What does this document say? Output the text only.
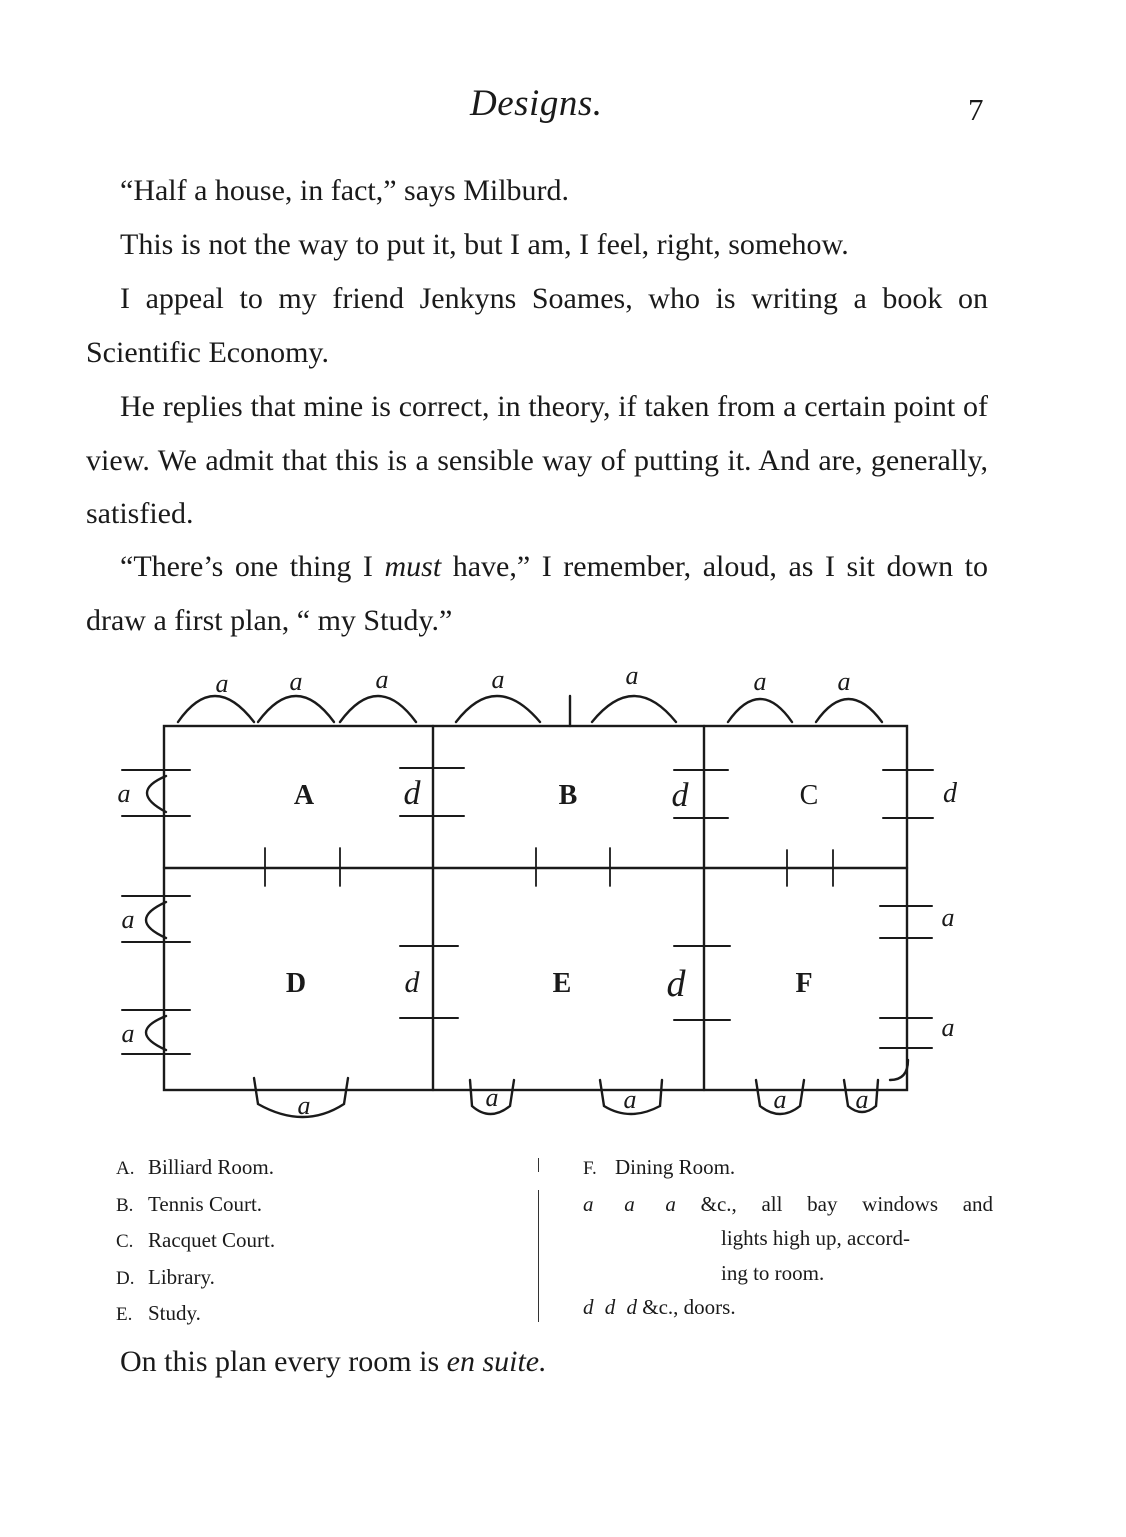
Designs.	7

“Half a house, in fact,” says Milburd.

This is not the way to put it, but I am, I feel, right, somehow.

I appeal to my friend Jenkyns Soames, who is writing a book on Scientific Economy.

He replies that mine is correct, in theory, if taken from a certain point of view. We admit that this is a sensible way of putting it. And are, generally, satisfied.

“There’s one thing I must have,” I remember, aloud, as I sit down to draw a first plan, “ my Study.”

A	B	C
D	E	F
a a	a	a	a	a	a
a
a
a
a
a
a	a	a	a	a
d	d	d
d	d
A. Billiard Room.
B. Tennis Court.
C. Racquet Court.
D. Library.
E. Study.
F. Dining Room.
a a a &c., all bay windows and
lights high up, accord-
ing to room.
d d d &c., doors.
On this plan every room is en suite.
